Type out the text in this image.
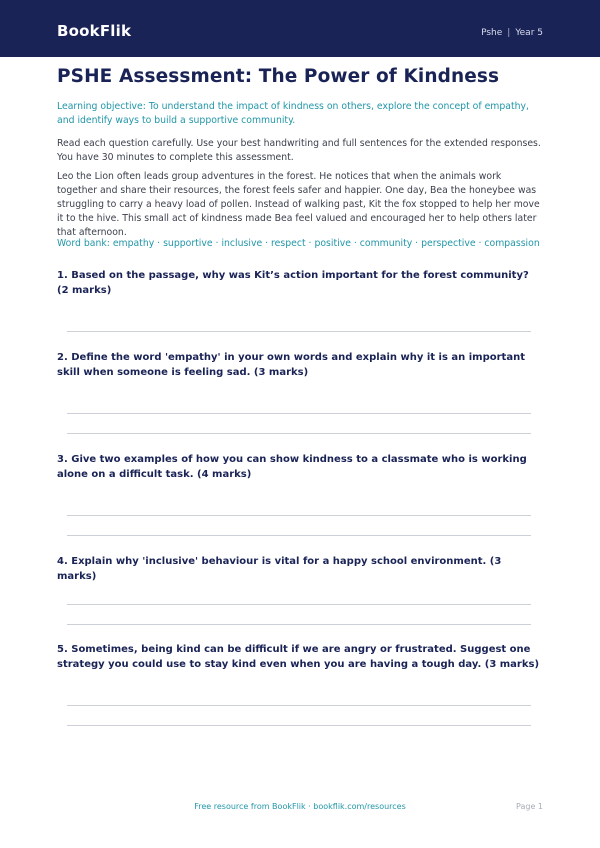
BookFlik	Pshe | Year 5
PSHE Assessment: The Power of Kindness

Learning objective: To understand the impact of kindness on others, explore the concept of empathy, and identify ways to build a supportive community.

Read each question carefully. Use your best handwriting and full sentences for the extended responses. You have 30 minutes to complete this assessment.

Leo the Lion often leads group adventures in the forest. He notices that when the animals work together and share their resources, the forest feels safer and happier. One day, Bea the honeybee was struggling to carry a heavy load of pollen. Instead of walking past, Kit the fox stopped to help her move it to the hive. This small act of kindness made Bea feel valued and encouraged her to help others later that afternoon.

Word bank: empathy · supportive · inclusive · respect · positive · community · perspective · compassion

1. Based on the passage, why was Kit’s action important for the forest community? (2 marks)
2. Define the word 'empathy' in your own words and explain why it is an important skill when someone is feeling sad. (3 marks)
3. Give two examples of how you can show kindness to a classmate who is working alone on a difficult task. (4 marks)
4. Explain why 'inclusive' behaviour is vital for a happy school environment. (3 marks)
5. Sometimes, being kind can be difficult if we are angry or frustrated. Suggest one strategy you could use to stay kind even when you are having a tough day. (3 marks)
Free resource from BookFlik · bookflik.com/resources	Page 1
